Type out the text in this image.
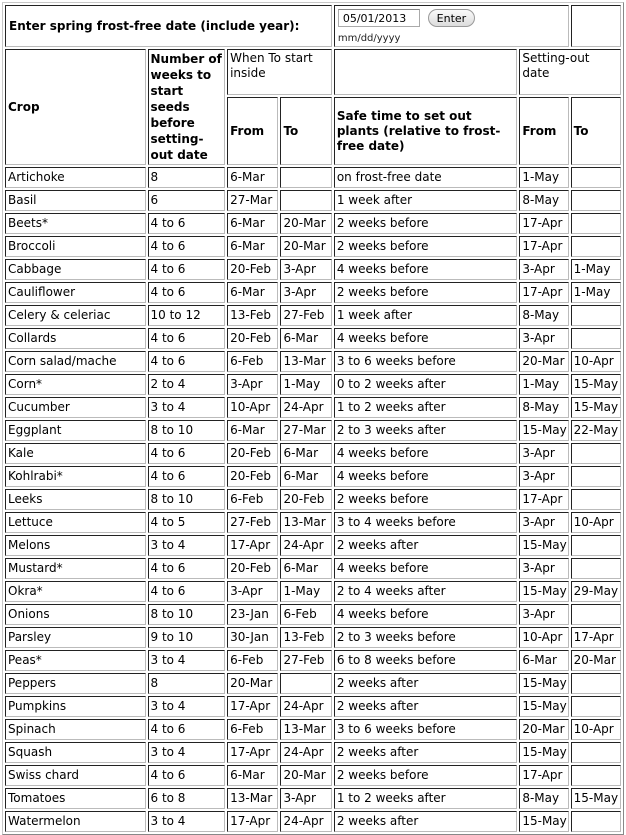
Enter spring frost-free date (include year):	05/01/2013 Enter
mm/dd/yyyy

Crop	Number of weeks to start seeds before setting-out date	When To start inside			Setting-out date	
		From	To	Safe time to set out plants (relative to frost-free date)	From	To
Artichoke	8	6-Mar		on frost-free date	1-May	
Basil	6	27-Mar		1 week after	8-May	
Beets*	4 to 6	6-Mar	20-Mar	2 weeks before	17-Apr	
Broccoli	4 to 6	6-Mar	20-Mar	2 weeks before	17-Apr	
Cabbage	4 to 6	20-Feb	3-Apr	4 weeks before	3-Apr	1-May
Cauliflower	4 to 6	6-Mar	3-Apr	2 weeks before	17-Apr	1-May
Celery & celeriac	10 to 12	13-Feb	27-Feb	1 week after	8-May	
Collards	4 to 6	20-Feb	6-Mar	4 weeks before	3-Apr	
Corn salad/mache	4 to 6	6-Feb	13-Mar	3 to 6 weeks before	20-Mar	10-Apr
Corn*	2 to 4	3-Apr	1-May	0 to 2 weeks after	1-May	15-May
Cucumber	3 to 4	10-Apr	24-Apr	1 to 2 weeks after	8-May	15-May
Eggplant	8 to 10	6-Mar	27-Mar	2 to 3 weeks after	15-May	22-May
Kale	4 to 6	20-Feb	6-Mar	4 weeks before	3-Apr	
Kohlrabi*	4 to 6	20-Feb	6-Mar	4 weeks before	3-Apr	
Leeks	8 to 10	6-Feb	20-Feb	2 weeks before	17-Apr	
Lettuce	4 to 5	27-Feb	13-Mar	3 to 4 weeks before	3-Apr	10-Apr
Melons	3 to 4	17-Apr	24-Apr	2 weeks after	15-May	
Mustard*	4 to 6	20-Feb	6-Mar	4 weeks before	3-Apr	
Okra*	4 to 6	3-Apr	1-May	2 to 4 weeks after	15-May	29-May
Onions	8 to 10	23-Jan	6-Feb	4 weeks before	3-Apr	
Parsley	9 to 10	30-Jan	13-Feb	2 to 3 weeks before	10-Apr	17-Apr
Peas*	3 to 4	6-Feb	27-Feb	6 to 8 weeks before	6-Mar	20-Mar
Peppers	8	20-Mar		2 weeks after	15-May	
Pumpkins	3 to 4	17-Apr	24-Apr	2 weeks after	15-May	
Spinach	4 to 6	6-Feb	13-Mar	3 to 6 weeks before	20-Mar	10-Apr
Squash	3 to 4	17-Apr	24-Apr	2 weeks after	15-May	
Swiss chard	4 to 6	6-Mar	20-Mar	2 weeks before	17-Apr	
Tomatoes	6 to 8	13-Mar	3-Apr	1 to 2 weeks after	8-May	15-May
Watermelon	3 to 4	17-Apr	24-Apr	2 weeks after	15-May	
